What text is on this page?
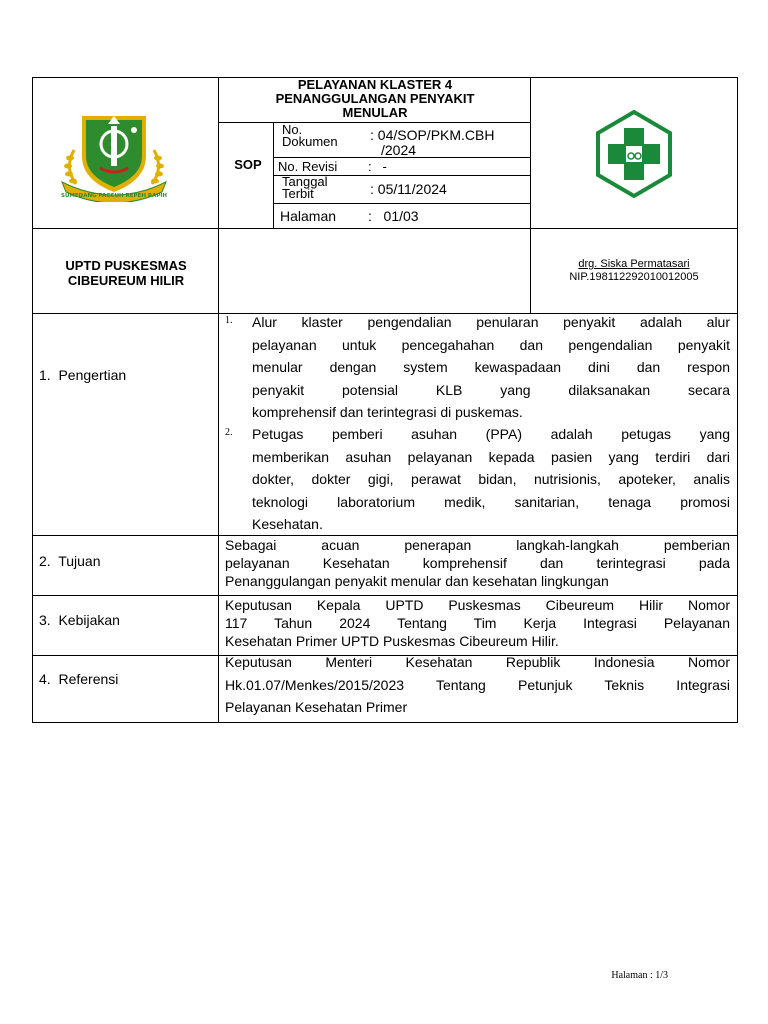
SUMEDANG PAGEUH REPEH RAPIH
PELAYANAN KLASTER 4
PENANGGULANGAN PENYAKIT
MENULAR
SOP
No.
Dokumen : 04/SOP/PKM.CBH
/2024
No. Revisi :   -
Tanggal
Terbit	: 05/11/2024
Halaman :   01/03
UPTD PUSKESMAS
CIBEUREUM HILIR
drg. Siska Permatasari
NIP.198112292010012005
1.  Pengertian
1. Alur klaster pengendalian penularan penyakit adalah alur
pelayanan untuk pencegahahan dan pengendalian penyakit
menular dengan system kewaspadaan dini dan respon
penyakit potensial KLB yang dilaksanakan secara
komprehensif dan terintegrasi di puskemas.
2. Petugas pemberi asuhan (PPA) adalah petugas yang
memberikan asuhan pelayanan kepada pasien yang terdiri dari
dokter, dokter gigi, perawat bidan, nutrisionis, apoteker, analis
teknologi laboratorium medik, sanitarian, tenaga promosi
Kesehatan.
2.  Tujuan
Sebagai acuan penerapan langkah-langkah pemberian
pelayanan Kesehatan komprehensif dan terintegrasi pada
Penanggulangan penyakit menular dan kesehatan lingkungan
3.  Kebijakan
Keputusan Kepala UPTD Puskesmas Cibeureum Hilir Nomor
117 Tahun 2024 Tentang Tim Kerja Integrasi Pelayanan
Kesehatan Primer UPTD Puskesmas Cibeureum Hilir.
4.  Referensi
Keputusan Menteri Kesehatan Republik Indonesia Nomor
Hk.01.07/Menkes/2015/2023 Tentang Petunjuk Teknis Integrasi
Pelayanan Kesehatan Primer
Halaman : 1/3
